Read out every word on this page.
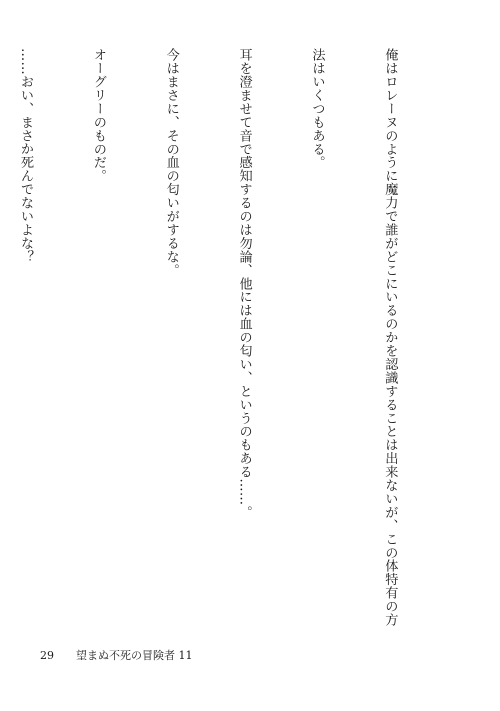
俺はロレーヌのように魔力で誰がどこにいるのかを認識することは出来ないが、この体特有の方

法はいくつもある。

耳を澄ませて音で感知するのは勿論、他には血の匂い、というのもある……。

今はまさに、その血の匂いがするな。

オーグリーのものだ。

……おい、まさか死んでないよな？

29 望まぬ不死の冒険者 11
